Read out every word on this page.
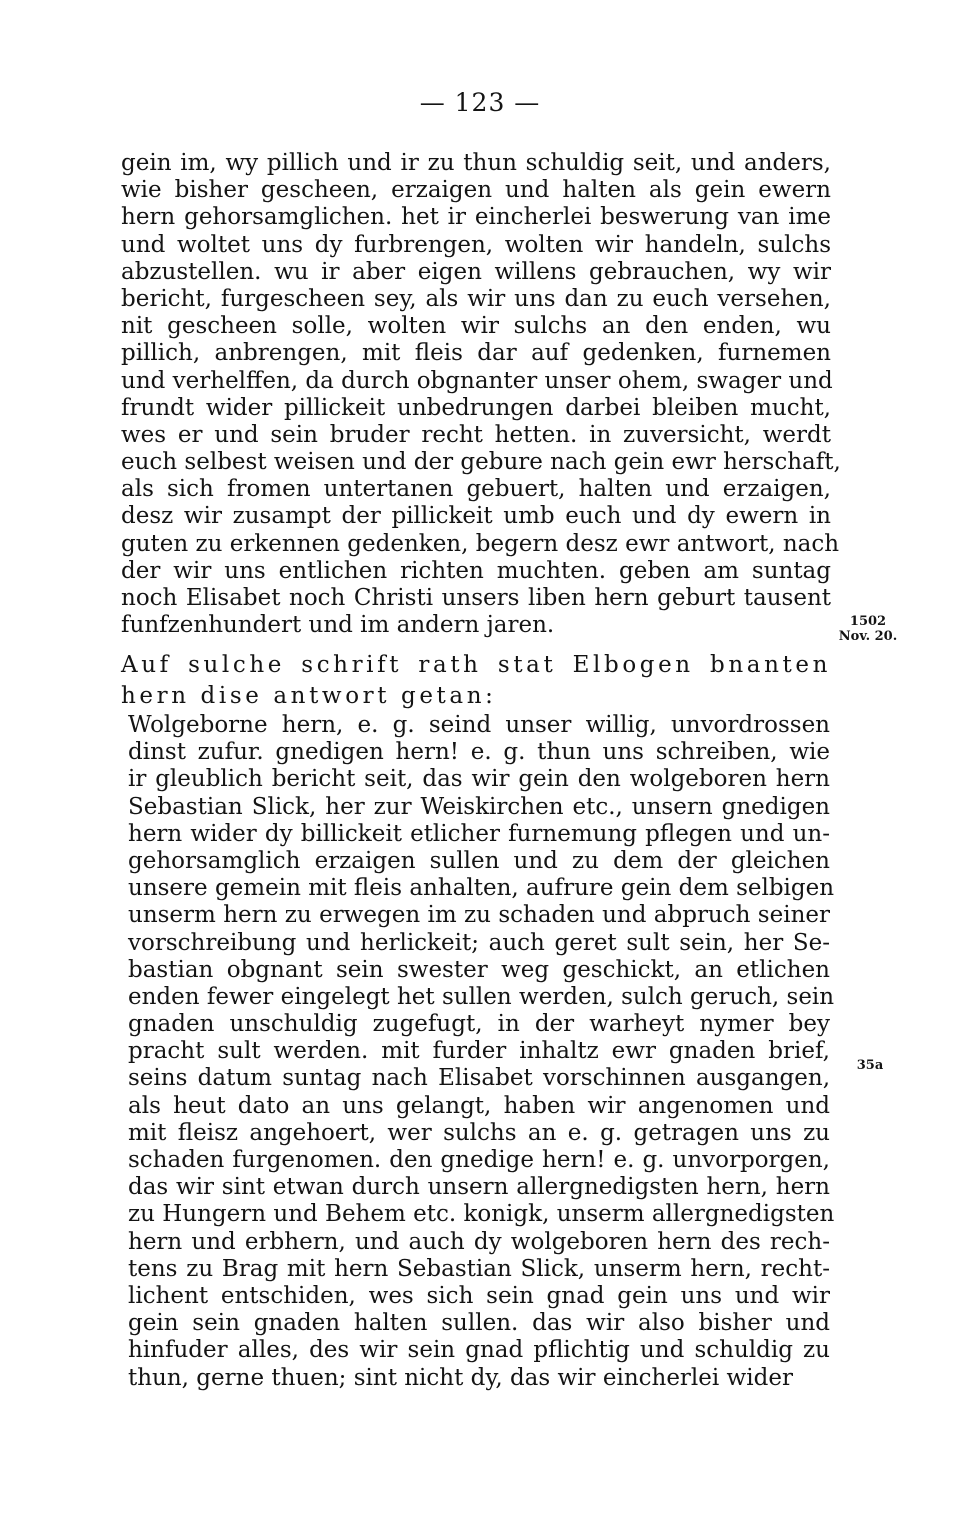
— 123 —
gein im, wy pillich und ir zu thun schuldig seit, und anders,
wie bisher gescheen, erzaigen und halten als gein ewern
hern gehorsamglichen. het ir eincherlei beswerung van ime
und woltet uns dy furbrengen, wolten wir handeln, sulchs
abzustellen. wu ir aber eigen willens gebrauchen, wy wir
bericht, furgescheen sey, als wir uns dan zu euch versehen,
nit gescheen solle, wolten wir sulchs an den enden, wu
pillich, anbrengen, mit fleis dar auf gedenken, furnemen
und verhelffen, da durch obgnanter unser ohem, swager und
frundt wider pillickeit unbedrungen darbei bleiben mucht,
wes er und sein bruder recht hetten. in zuversicht, werdt
euch selbest weisen und der gebure nach gein ewr herschaft,
als sich fromen untertanen gebuert, halten und erzaigen,
desz wir zusampt der pillickeit umb euch und dy ewern in
guten zu erkennen gedenken, begern desz ewr antwort, nach
der wir uns entlichen richten muchten. geben am suntag
noch Elisabet noch Christi unsers liben hern geburt tausent
funfzenhundert und im andern jaren.
Auf sulche schrift rath stat Elbogen bnanten
hern dise antwort getan:
Wolgeborne hern, e. g. seind unser willig, unvordrossen
dinst zufur. gnedigen hern! e. g. thun uns schreiben, wie
ir gleublich bericht seit, das wir gein den wolgeboren hern
Sebastian Slick, her zur Weiskirchen etc., unsern gnedigen
hern wider dy billickeit etlicher furnemung pflegen und un-
gehorsamglich erzaigen sullen und zu dem der gleichen
unsere gemein mit fleis anhalten, aufrure gein dem selbigen
unserm hern zu erwegen im zu schaden und abpruch seiner
vorschreibung und herlickeit; auch geret sult sein, her Se-
bastian obgnant sein swester weg geschickt, an etlichen
enden fewer eingelegt het sullen werden, sulch geruch, sein
gnaden unschuldig zugefugt, in der warheyt nymer bey
pracht sult werden. mit furder inhaltz ewr gnaden brief,
seins datum suntag nach Elisabet vorschinnen ausgangen,
als heut dato an uns gelangt, haben wir angenomen und
mit fleisz angehoert, wer sulchs an e. g. getragen uns zu
schaden furgenomen. den gnedige hern! e. g. unvorporgen,
das wir sint etwan durch unsern allergnedigsten hern, hern
zu Hungern und Behem etc. konigk, unserm allergnedigsten
hern und erbhern, und auch dy wolgeboren hern des rech-
tens zu Brag mit hern Sebastian Slick, unserm hern, recht-
lichent entschiden, wes sich sein gnad gein uns und wir
gein sein gnaden halten sullen. das wir also bisher und
hinfuder alles, des wir sein gnad pflichtig und schuldig zu
thun, gerne thuen; sint nicht dy, das wir eincherlei wider
1502
Nov. 20.
35a
